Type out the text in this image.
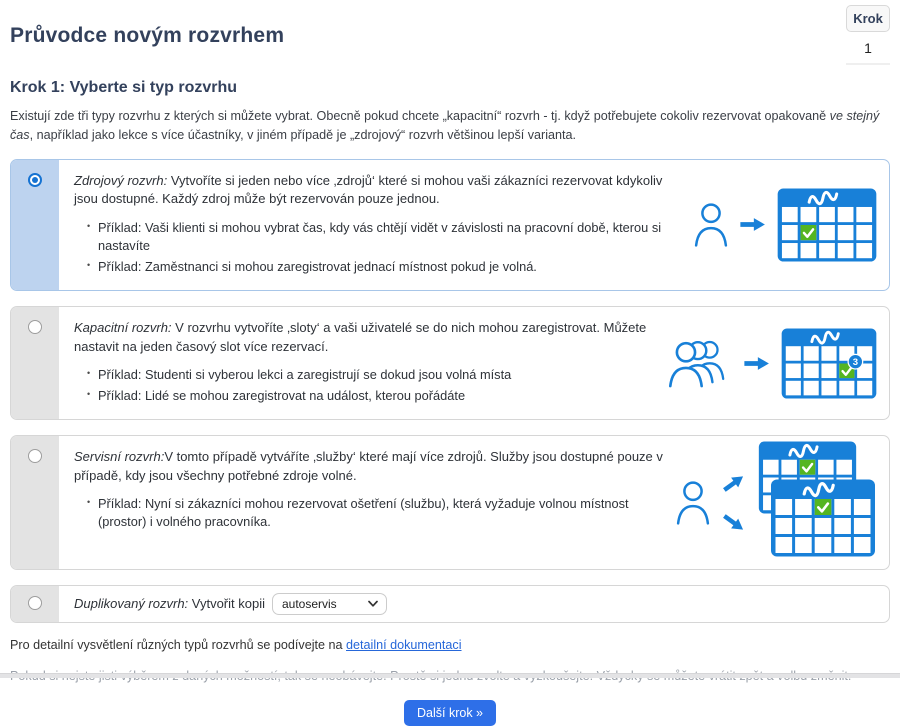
Průvodce novým rozvrhem
Krok
1
Krok 1: Vyberte si typ rozvrhu

Existují zde tři typy rozvrhu z kterých si můžete vybrat. Obecně pokud chcete „kapacitní“ rozvrh - tj. když potřebujete cokoliv rezervovat opakovaně ve stejný čas, například jako lekce s více účastníky, v jiném případě je „zdrojový“ rozvrh většinou lepší varianta.

Zdrojový rozvrh: Vytvoříte si jeden nebo více ‚zdrojů‘ které si mohou vaši zákazníci rezervovat kdykoliv jsou dostupné. Každý zdroj může být rezervován pouze jednou.

• Příklad: Vaši klienti si mohou vybrat čas, kdy vás chtějí vidět v závislosti na pracovní době, kterou si nastavíte
• Příklad: Zaměstnanci si mohou zaregistrovat jednací místnost pokud je volná.

Kapacitní rozvrh: V rozvrhu vytvoříte ‚sloty‘ a vaši uživatelé se do nich mohou zaregistrovat. Můžete nastavit na jeden časový slot více rezervací.

• Příklad: Studenti si vyberou lekci a zaregistrují se dokud jsou volná místa
• Příklad: Lidé se mohou zaregistrovat na událost, kterou pořádáte
3

Servisní rozvrh:V tomto případě vytváříte ‚služby‘ které mají více zdrojů. Služby jsou dostupné pouze v případě, kdy jsou všechny potřebné zdroje volné.

• Příklad: Nyní si zákazníci mohou rezervovat ošetření (službu), která vyžaduje volnou místnost (prostor) i volného pracovníka.

Duplikovaný rozvrh: Vytvořit kopii

autoservis

Pro detailní vysvětlení různých typů rozvrhů se podívejte na detailní dokumentaci

Další krok »
